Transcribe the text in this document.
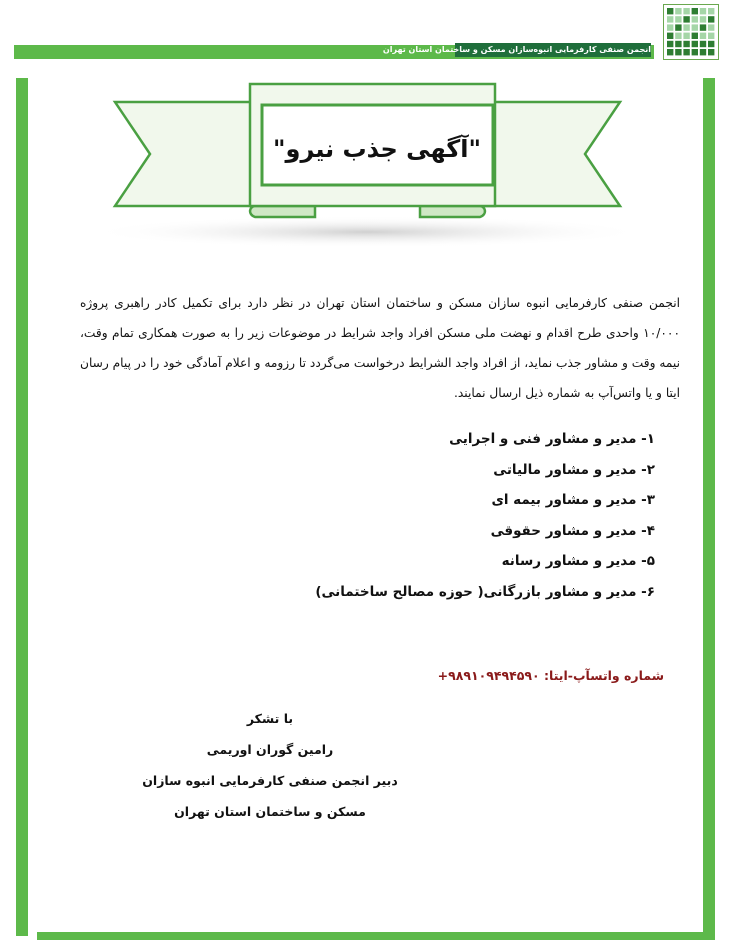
انجمن صنفی کارفرمایی انبوه‌سازان مسکن و ساختمان استان تهران
"آگهی جذب نیرو"

انجمن صنفی کارفرمایی انبوه سازان مسکن و ساختمان استان تهران در نظر دارد برای تکمیل کادر راهبری پروژه ۱۰/۰۰۰ واحدی طرح اقدام و نهضت ملی مسکن افراد واجد شرایط در موضوعات زیر را به صورت همکاری تمام وقت، نیمه وقت و مشاور جذب نماید، از افراد واجد الشرایط درخواست می‌گردد تا رزومه و اعلام آمادگی خود را در پیام رسان ایتا و یا واتس‌آپ به شماره ذیل ارسال نمایند.

۱- مدیر و مشاور فنی و اجرایی
۲- مدیر و مشاور مالیاتی
۳- مدیر و مشاور بیمه ای
۴- مدیر و مشاور حقوقی
۵- مدیر و مشاور رسانه
۶- مدیر و مشاور بازرگانی( حوزه مصالح ساختمانی)
شماره واتسآپ-ایتا: +۹۸۹۱۰۹۴۹۴۵۹۰
با تشکر
رامین گوران اوریمی
دبیر انجمن صنفی کارفرمایی انبوه سازان
مسکن و ساختمان استان تهران
